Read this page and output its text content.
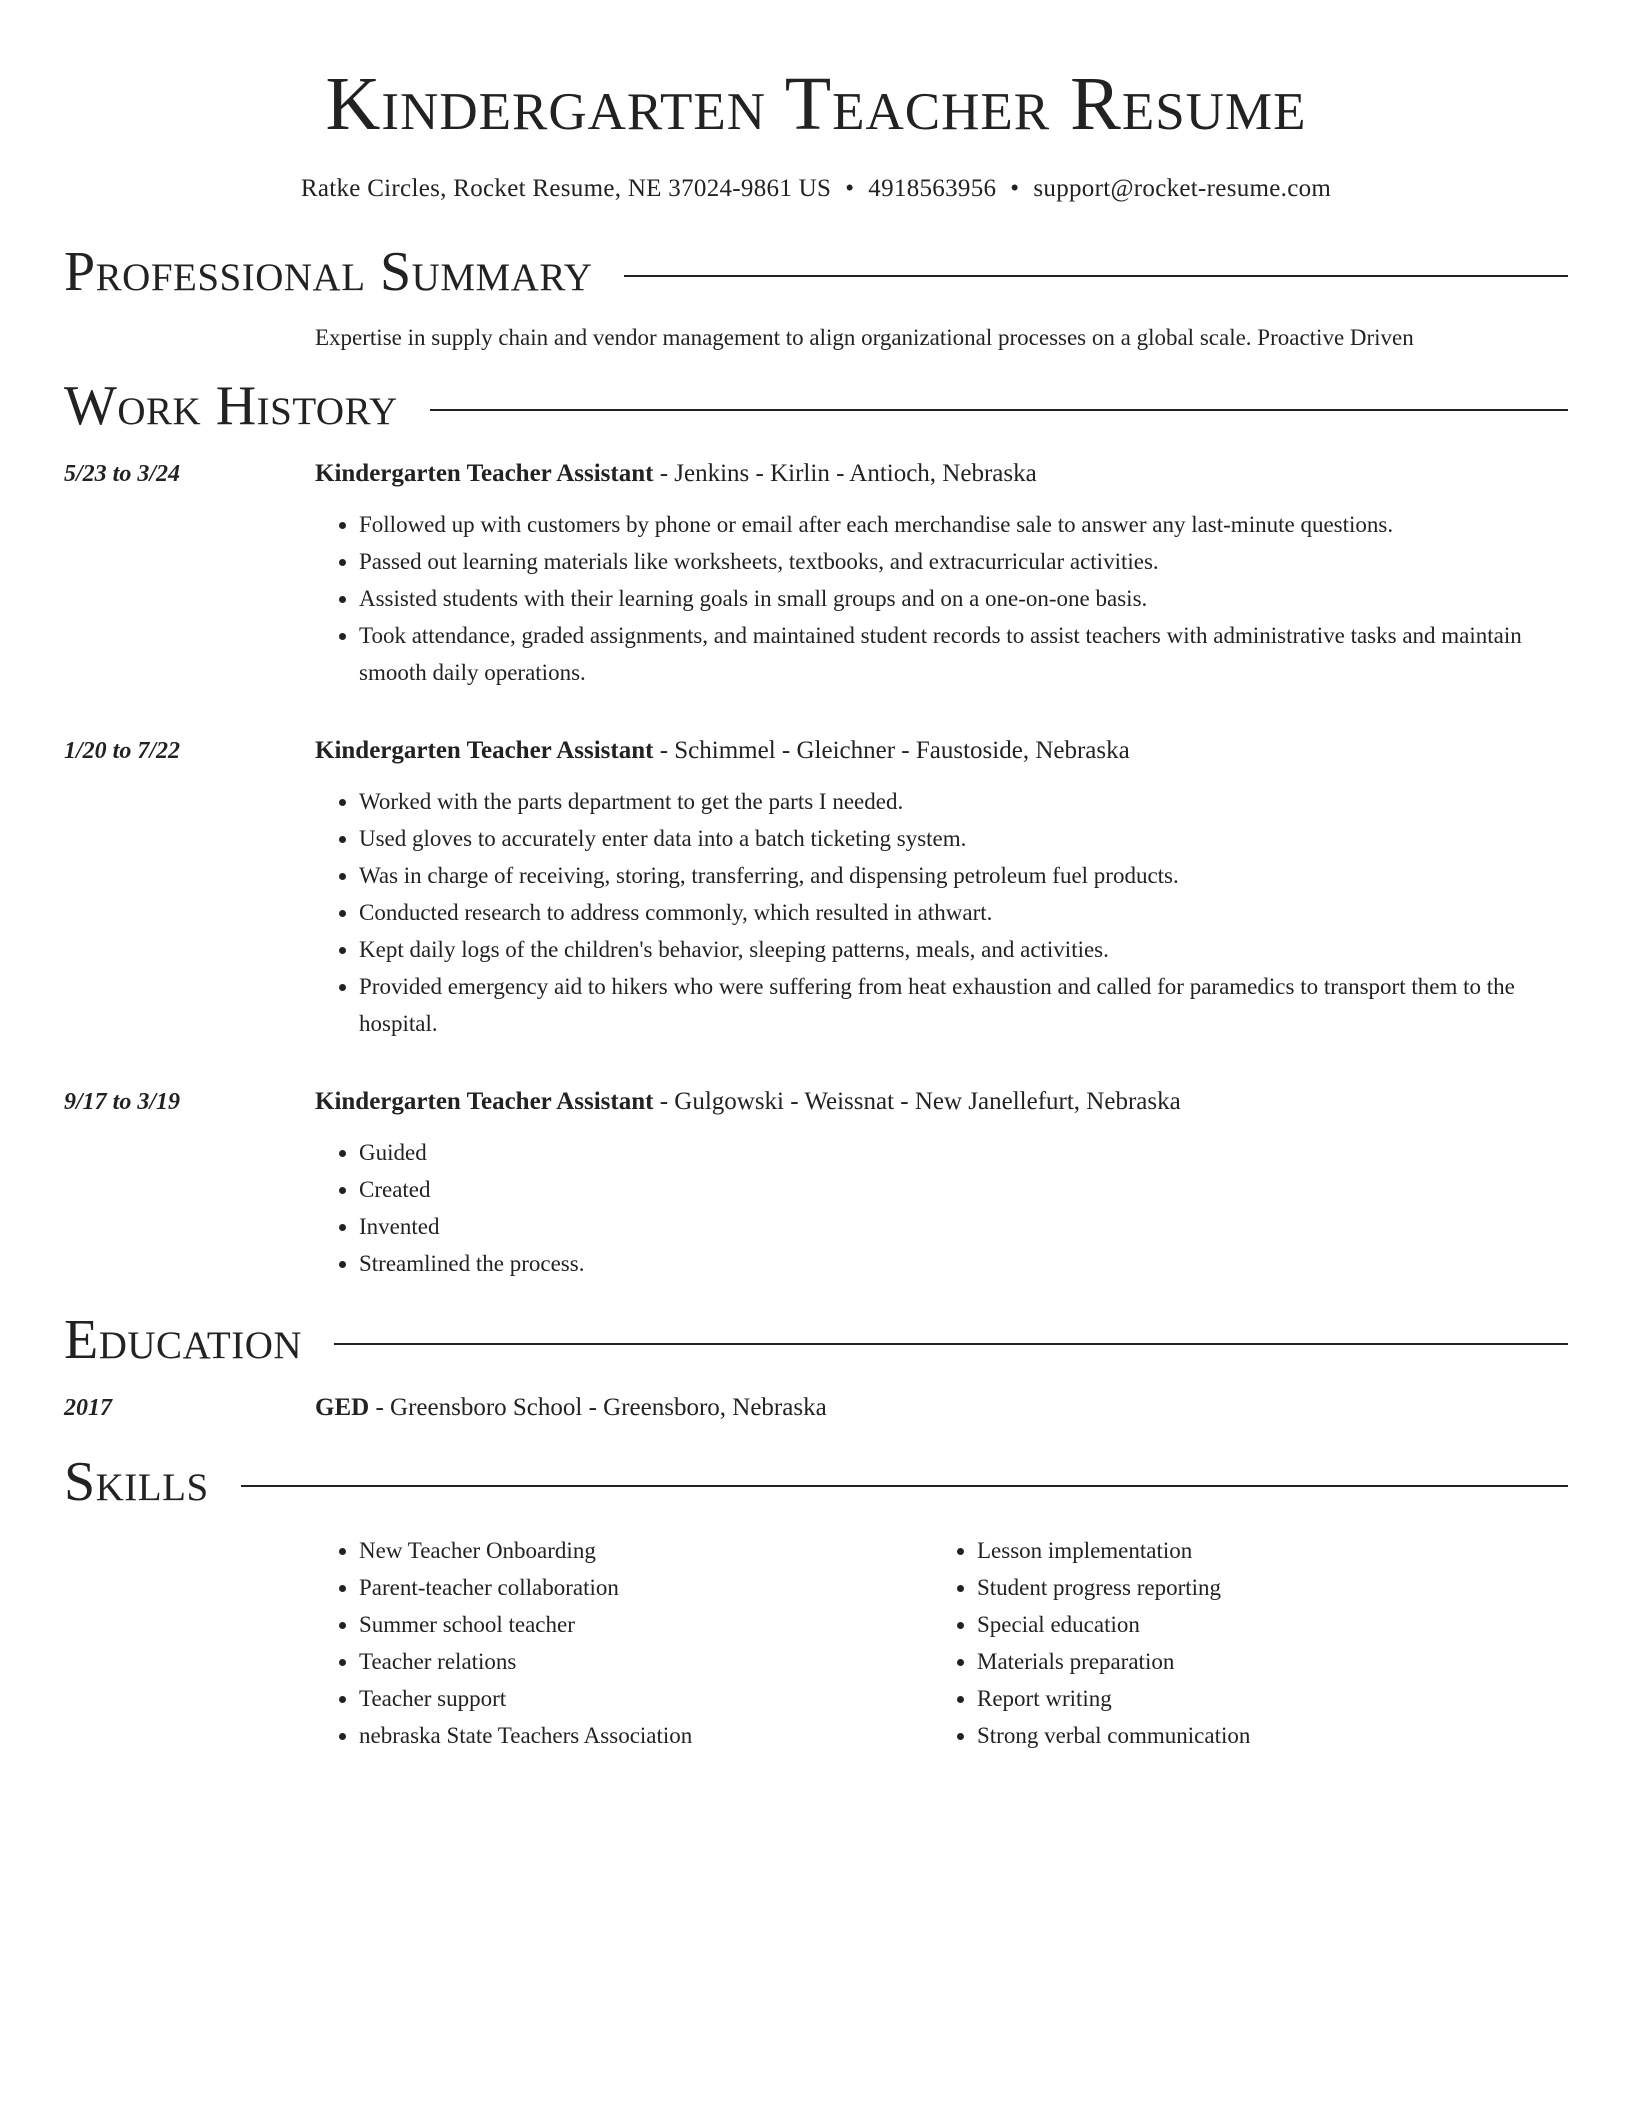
Kindergarten Teacher Resume
Ratke Circles, Rocket Resume, NE 37024-9861 US • 4918563956 • support@rocket-resume.com
Professional Summary
Expertise in supply chain and vendor management to align organizational processes on a global scale. Proactive Driven
Work History
5/23 to 3/24	Kindergarten Teacher Assistant - Jenkins - Kirlin - Antioch, Nebraska
• Followed up with customers by phone or email after each merchandise sale to answer any last-minute questions.
• Passed out learning materials like worksheets, textbooks, and extracurricular activities.
• Assisted students with their learning goals in small groups and on a one-on-one basis.
• Took attendance, graded assignments, and maintained student records to assist teachers with administrative tasks and maintain smooth daily operations.
1/20 to 7/22	Kindergarten Teacher Assistant - Schimmel - Gleichner - Faustoside, Nebraska
• Worked with the parts department to get the parts I needed.
• Used gloves to accurately enter data into a batch ticketing system.
• Was in charge of receiving, storing, transferring, and dispensing petroleum fuel products.
• Conducted research to address commonly, which resulted in athwart.
• Kept daily logs of the children's behavior, sleeping patterns, meals, and activities.
• Provided emergency aid to hikers who were suffering from heat exhaustion and called for paramedics to transport them to the hospital.
9/17 to 3/19	Kindergarten Teacher Assistant - Gulgowski - Weissnat - New Janellefurt, Nebraska
• Guided
• Created
• Invented
• Streamlined the process.
Education
2017	GED - Greensboro School - Greensboro, Nebraska
Skills
• New Teacher Onboarding
• Parent-teacher collaboration
• Summer school teacher
• Teacher relations
• Teacher support
• nebraska State Teachers Association
• Lesson implementation
• Student progress reporting
• Special education
• Materials preparation
• Report writing
• Strong verbal communication
